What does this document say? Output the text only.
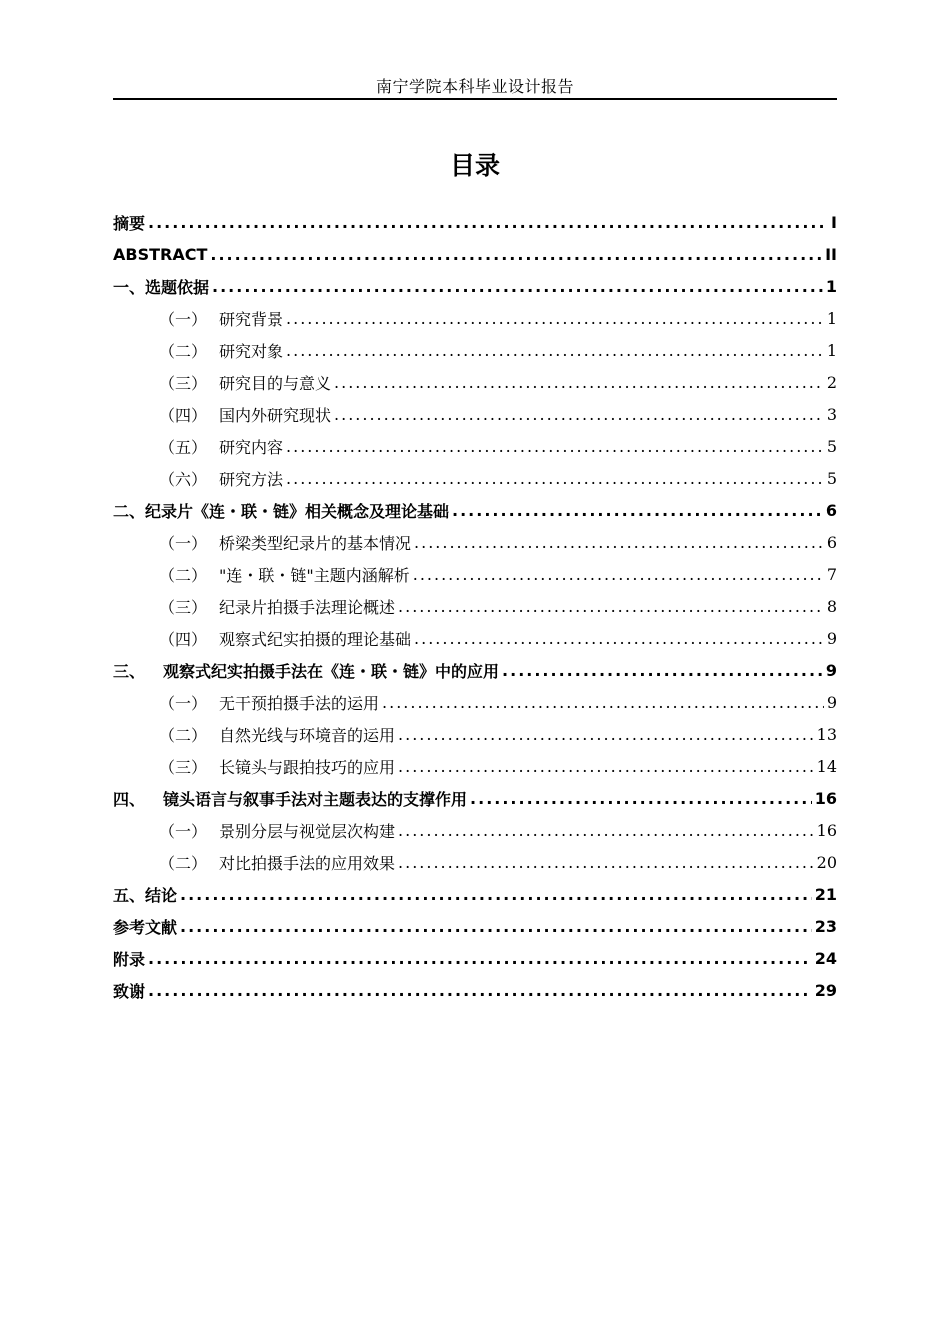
南宁学院本科毕业设计报告
目录
摘要 .....	I
ABSTRACT .....	II
一、选题依据 .....	1
（一） 研究背景 .....	1
（二） 研究对象 .....	1
（三） 研究目的与意义 .....	2
（四） 国内外研究现状 .....	3
（五） 研究内容 .....	5
（六） 研究方法 .....	5
二、纪录片《连・联・链》相关概念及理论基础 .....	6
（一） 桥梁类型纪录片的基本情况 .....	6
（二） "连・联・链"主题内涵解析 .....	7
（三） 纪录片拍摄手法理论概述 .....	8
（四） 观察式纪实拍摄的理论基础 .....	9
三、 观察式纪实拍摄手法在《连・联・链》中的应用 .....	9
（一） 无干预拍摄手法的运用 .....	9
（二） 自然光线与环境音的运用 .....	13
（三） 长镜头与跟拍技巧的应用 .....	14
四、 镜头语言与叙事手法对主题表达的支撑作用 .....	16
（一） 景别分层与视觉层次构建 .....	16
（二） 对比拍摄手法的应用效果 .....	20
五、结论 .....	21
参考文献 .....	23
附录 .....	24
致谢 .....	29
